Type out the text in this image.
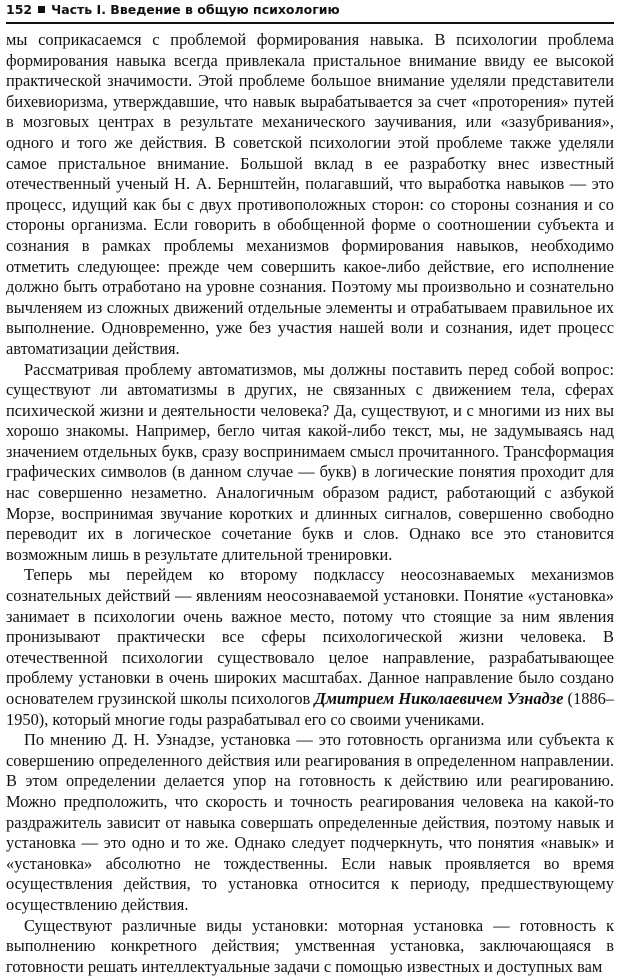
152 Часть I. Введение в общую психологию

мы соприкасаемся с проблемой формирования навыка. В психологии проблема формирования навыка всегда привлекала пристальное внимание ввиду ее высокой практической значимости. Этой проблеме большое внимание уделяли представители бихевиоризма, утверждавшие, что навык вырабатывается за счет «проторения» путей в мозговых центрах в результате механического заучивания, или «зазубривания», одного и того же действия. В советской психологии этой проблеме также уделяли самое пристальное внимание. Большой вклад в ее разработку внес известный отечественный ученый Н. А. Бернштейн, полагавший, что выработка навыков — это процесс, идущий как бы с двух противоположных сторон: со стороны сознания и со стороны организма. Если говорить в обобщенной форме о соотношении субъекта и сознания в рамках проблемы механизмов формирования навыков, необходимо отметить следующее: прежде чем совершить какое-либо действие, его исполнение должно быть отработано на уровне сознания. Поэтому мы произвольно и сознательно вычленяем из сложных движений отдельные элементы и отрабатываем правильное их выполнение. Одновременно, уже без участия нашей воли и сознания, идет процесс автоматизации действия.

Рассматривая проблему автоматизмов, мы должны поставить перед собой вопрос: существуют ли автоматизмы в других, не связанных с движением тела, сферах психической жизни и деятельности человека? Да, существуют, и с многими из них вы хорошо знакомы. Например, бегло читая какой-либо текст, мы, не задумываясь над значением отдельных букв, сразу воспринимаем смысл прочитанного. Трансформация графических символов (в данном случае — букв) в логические понятия проходит для нас совершенно незаметно. Аналогичным образом радист, работающий с азбукой Морзе, воспринимая звучание коротких и длинных сигналов, совершенно свободно переводит их в логическое сочетание букв и слов. Однако все это становится возможным лишь в результате длительной тренировки.

Теперь мы перейдем ко второму подклассу неосознаваемых механизмов сознательных действий — явлениям неосознаваемой установки. Понятие «установка» занимает в психологии очень важное место, потому что стоящие за ним явления пронизывают практически все сферы психологической жизни человека. В отечественной психологии существовало целое направление, разрабатывающее проблему установки в очень широких масштабах. Данное направление было создано основателем грузинской школы психологов Дмитрием Николаевичем Узнадзе (1886–1950), который многие годы разрабатывал его со своими учениками.

По мнению Д. Н. Узнадзе, установка — это готовность организма или субъекта к совершению определенного действия или реагирования в определенном направлении. В этом определении делается упор на готовность к действию или реагированию. Можно предположить, что скорость и точность реагирования человека на какой-то раздражитель зависит от навыка совершать определенные действия, поэтому навык и установка — это одно и то же. Однако следует подчеркнуть, что понятия «навык» и «установка» абсолютно не тождественны. Если навык проявляется во время осуществления действия, то установка относится к периоду, предшествующему осуществлению действия.

Существуют различные виды установки: моторная установка — готовность к выполнению конкретного действия; умственная установка, заключающаяся в готовности решать интеллектуальные задачи с помощью известных и доступных вам
